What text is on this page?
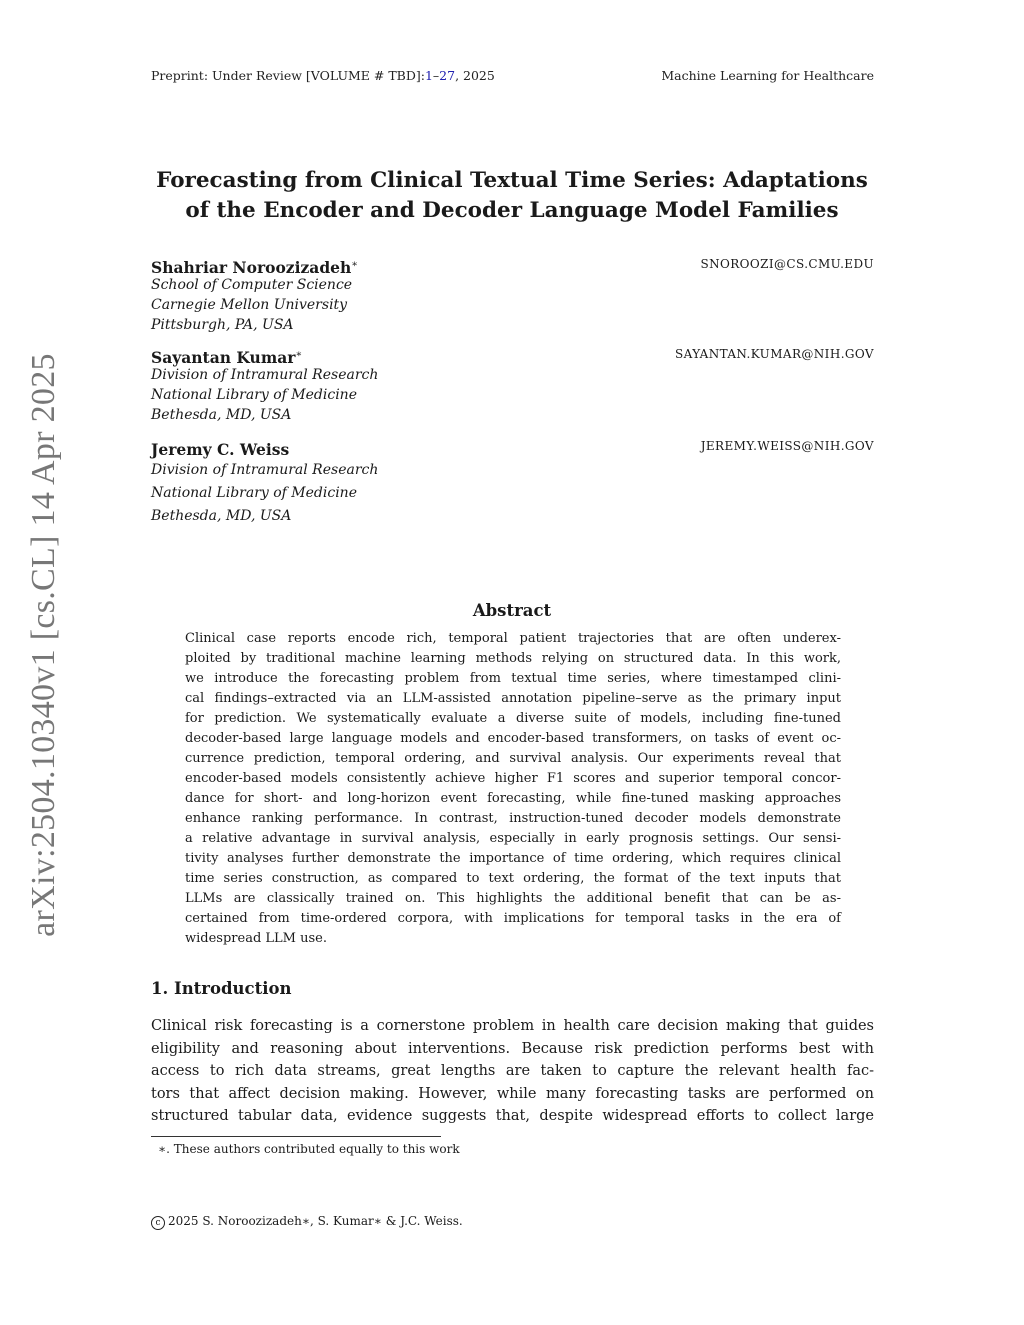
Preprint: Under Review [VOLUME # TBD]:1–27, 2025	Machine Learning for Healthcare
arXiv:2504.10340v1 [cs.CL] 14 Apr 2025
Forecasting from Clinical Textual Time Series: Adaptations
of the Encoder and Decoder Language Model Families
Shahriar Noroozizadeh∗	SNOROOZI@CS.CMU.EDU
School of Computer Science
Carnegie Mellon University
Pittsburgh, PA, USA
Sayantan Kumar∗	SAYANTAN.KUMAR@NIH.GOV
Division of Intramural Research
National Library of Medicine
Bethesda, MD, USA
Jeremy C. Weiss	JEREMY.WEISS@NIH.GOV
Division of Intramural Research
National Library of Medicine
Bethesda, MD, USA
Abstract
Clinical case reports encode rich, temporal patient trajectories that are often underex-
ploited by traditional machine learning methods relying on structured data. In this work,
we introduce the forecasting problem from textual time series, where timestamped clini-
cal findings–extracted via an LLM-assisted annotation pipeline–serve as the primary input
for prediction. We systematically evaluate a diverse suite of models, including fine-tuned
decoder-based large language models and encoder-based transformers, on tasks of event oc-
currence prediction, temporal ordering, and survival analysis. Our experiments reveal that
encoder-based models consistently achieve higher F1 scores and superior temporal concor-
dance for short- and long-horizon event forecasting, while fine-tuned masking approaches
enhance ranking performance. In contrast, instruction-tuned decoder models demonstrate
a relative advantage in survival analysis, especially in early prognosis settings. Our sensi-
tivity analyses further demonstrate the importance of time ordering, which requires clinical
time series construction, as compared to text ordering, the format of the text inputs that
LLMs are classically trained on. This highlights the additional benefit that can be as-
certained from time-ordered corpora, with implications for temporal tasks in the era of
widespread LLM use.
1. Introduction
Clinical risk forecasting is a cornerstone problem in health care decision making that guides
eligibility and reasoning about interventions. Because risk prediction performs best with
access to rich data streams, great lengths are taken to capture the relevant health fac-
tors that affect decision making. However, while many forecasting tasks are performed on
structured tabular data, evidence suggests that, despite widespread efforts to collect large
∗. These authors contributed equally to this work
c 2025 S. Noroozizadeh∗, S. Kumar∗ & J.C. Weiss.
